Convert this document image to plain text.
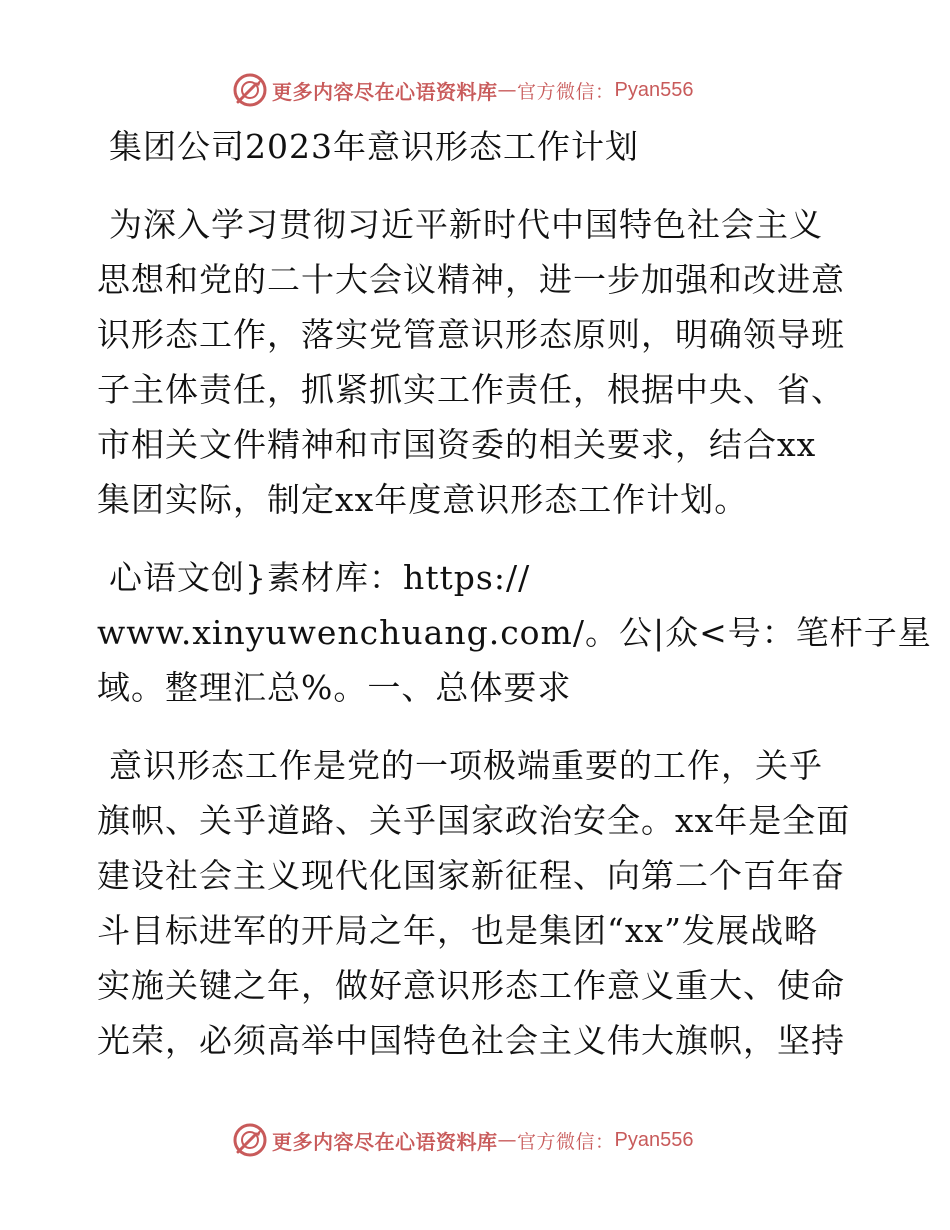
更多内容尽在心语资料库 — 官方微信： Pyan556
集团公司2023年意识形态工作计划
为深入学习贯彻习近平新时代中国特色社会主义
思想和党的二十大会议精神，进一步加强和改进意
识形态工作，落实党管意识形态原则，明确领导班
子主体责任，抓紧抓实工作责任，根据中央、省、
市相关文件精神和市国资委的相关要求，结合xx
集团实际，制定xx年度意识形态工作计划。
心语文创}素材库：https://
www.xinyuwenchuang.com/。公|众<号：笔杆子星
域。整理汇总%。一、总体要求
意识形态工作是党的一项极端重要的工作，关乎
旗帜、关乎道路、关乎国家政治安全。xx年是全面
建设社会主义现代化国家新征程、向第二个百年奋
斗目标进军的开局之年，也是集团“xx”发展战略
实施关键之年，做好意识形态工作意义重大、使命
光荣，必须高举中国特色社会主义伟大旗帜，坚持
更多内容尽在心语资料库 — 官方微信： Pyan556
